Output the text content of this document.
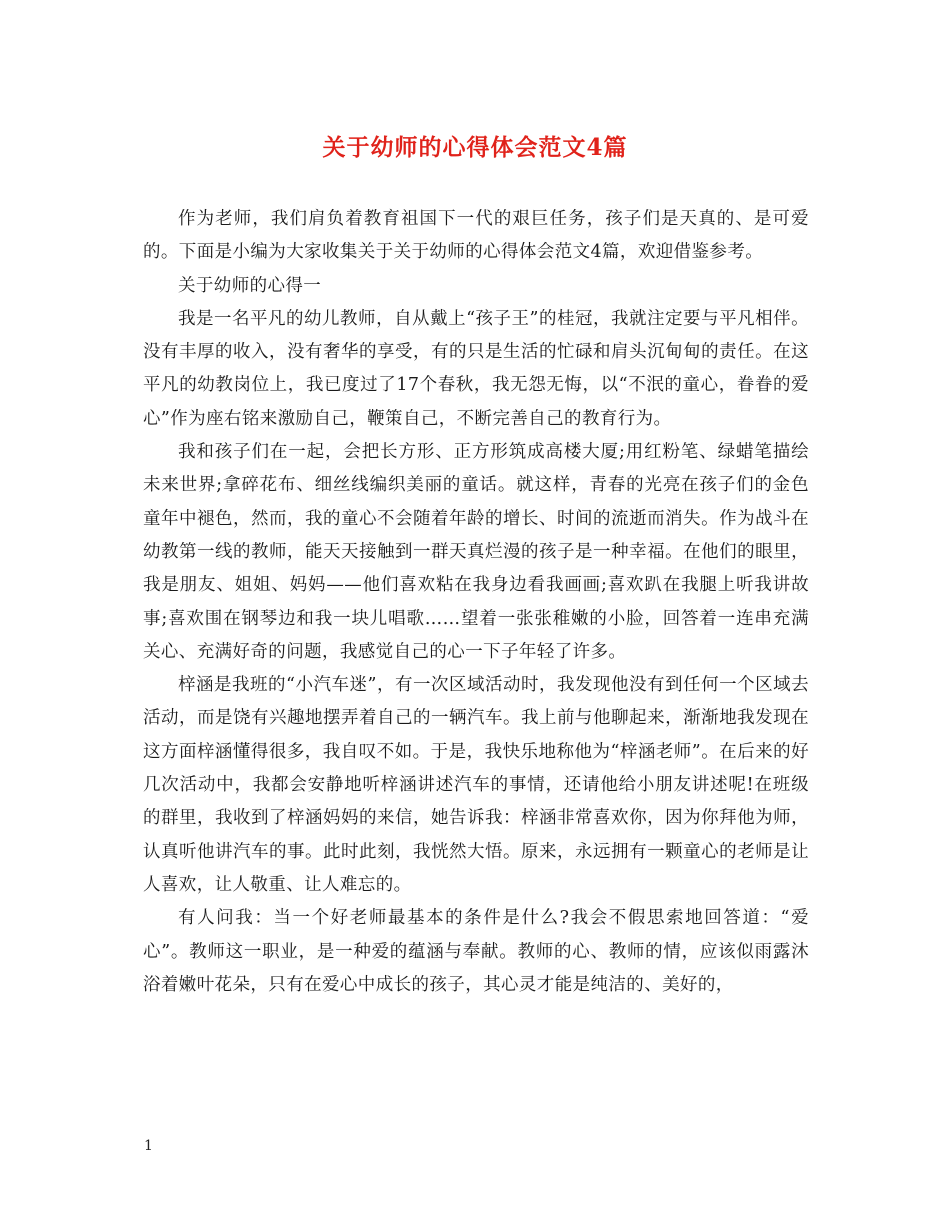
关于幼师的心得体会范文4篇

作为老师，我们肩负着教育祖国下一代的艰巨任务，孩子们是天真的、是可爱的。下面是小编为大家收集关于关于幼师的心得体会范文4篇，欢迎借鉴参考。

关于幼师的心得一

我是一名平凡的幼儿教师，自从戴上“孩子王”的桂冠，我就注定要与平凡相伴。没有丰厚的收入，没有奢华的享受，有的只是生活的忙碌和肩头沉甸甸的责任。在这平凡的幼教岗位上，我已度过了17个春秋，我无怨无悔，以“不泯的童心，眷眷的爱心”作为座右铭来激励自己，鞭策自己，不断完善自己的教育行为。

我和孩子们在一起，会把长方形、正方形筑成高楼大厦;用红粉笔、绿蜡笔描绘未来世界;拿碎花布、细丝线编织美丽的童话。就这样，青春的光亮在孩子们的金色童年中褪色，然而，我的童心不会随着年龄的增长、时间的流逝而消失。作为战斗在幼教第一线的教师，能天天接触到一群天真烂漫的孩子是一种幸福。在他们的眼里，我是朋友、姐姐、妈妈——他们喜欢粘在我身边看我画画;喜欢趴在我腿上听我讲故事;喜欢围在钢琴边和我一块儿唱歌……望着一张张稚嫩的小脸，回答着一连串充满关心、充满好奇的问题，我感觉自己的心一下子年轻了许多。

梓涵是我班的“小汽车迷”，有一次区域活动时，我发现他没有到任何一个区域去活动，而是饶有兴趣地摆弄着自己的一辆汽车。我上前与他聊起来，渐渐地我发现在这方面梓涵懂得很多，我自叹不如。于是，我快乐地称他为“梓涵老师”。在后来的好几次活动中，我都会安静地听梓涵讲述汽车的事情，还请他给小朋友讲述呢!在班级的群里，我收到了梓涵妈妈的来信，她告诉我：梓涵非常喜欢你，因为你拜他为师，认真听他讲汽车的事。此时此刻，我恍然大悟。原来，永远拥有一颗童心的老师是让人喜欢，让人敬重、让人难忘的。

有人问我：当一个好老师最基本的条件是什么?我会不假思索地回答道：“爱心”。教师这一职业，是一种爱的蕴涵与奉献。教师的心、教师的情，应该似雨露沐浴着嫩叶花朵，只有在爱心中成长的孩子，其心灵才能是纯洁的、美好的，

1
